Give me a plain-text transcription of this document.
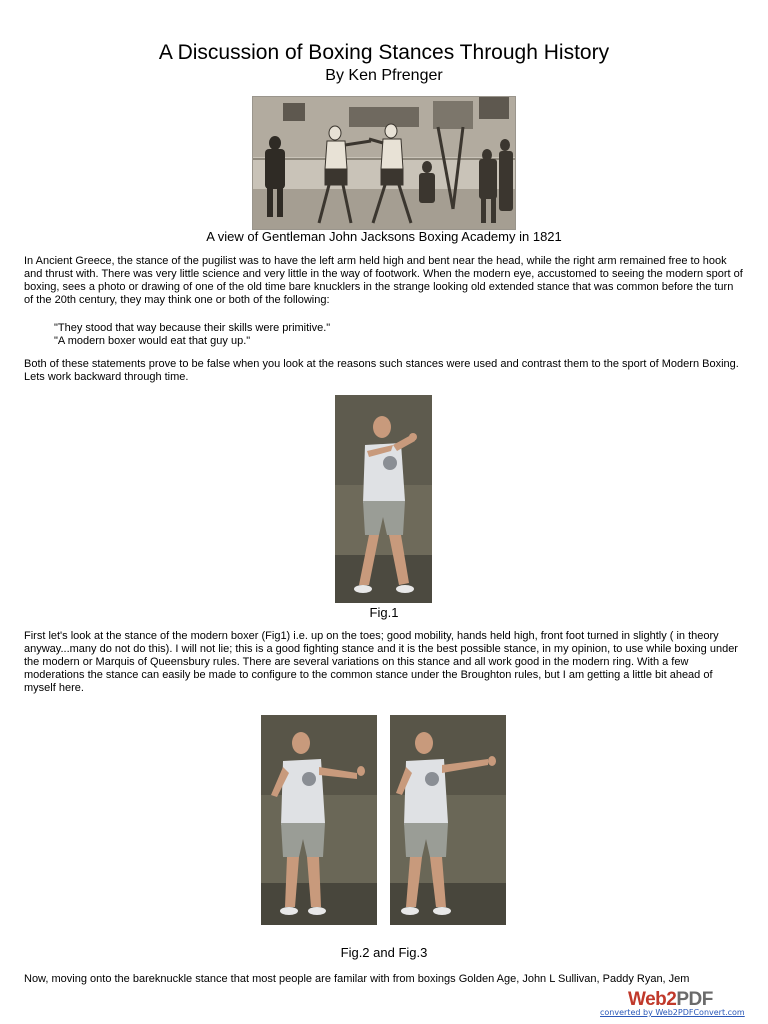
A Discussion of Boxing Stances Through History
By Ken Pfrenger
A view of Gentleman John Jacksons Boxing Academy in 1821

In Ancient Greece, the stance of the pugilist was to have the left arm held high and bent near the head, while the right arm remained free to hook and thrust with. There was very little science and very little in the way of footwork. When the modern eye, accustomed to seeing the modern sport of boxing, sees a photo or drawing of one of the old time bare knucklers in the strange looking old extended stance that was common before the turn of the 20th century, they may think one or both of the following:

"They stood that way because their skills were primitive."
"A modern boxer would eat that guy up."

Both of these statements prove to be false when you look at the reasons such stances were used and contrast them to the sport of Modern Boxing. Lets work backward through time.

Fig.1

First let's look at the stance of the modern boxer (Fig1) i.e. up on the toes; good mobility, hands held high, front foot turned in slightly ( in theory anyway...many do not do this). I will not lie; this is a good fighting stance and it is the best possible stance, in my opinion, to use while boxing under the modern or Marquis of Queensbury rules. There are several variations on this stance and all work good in the modern ring. With a few moderations the stance can easily be made to configure to the common stance under the Broughton rules, but I am getting a little bit ahead of myself here.

Fig.2 and Fig.3

Now, moving onto the bareknuckle stance that most people are familar with from boxings Golden Age, John L Sullivan, Paddy Ryan, Jem

Web2PDF
converted by Web2PDFConvert.com
